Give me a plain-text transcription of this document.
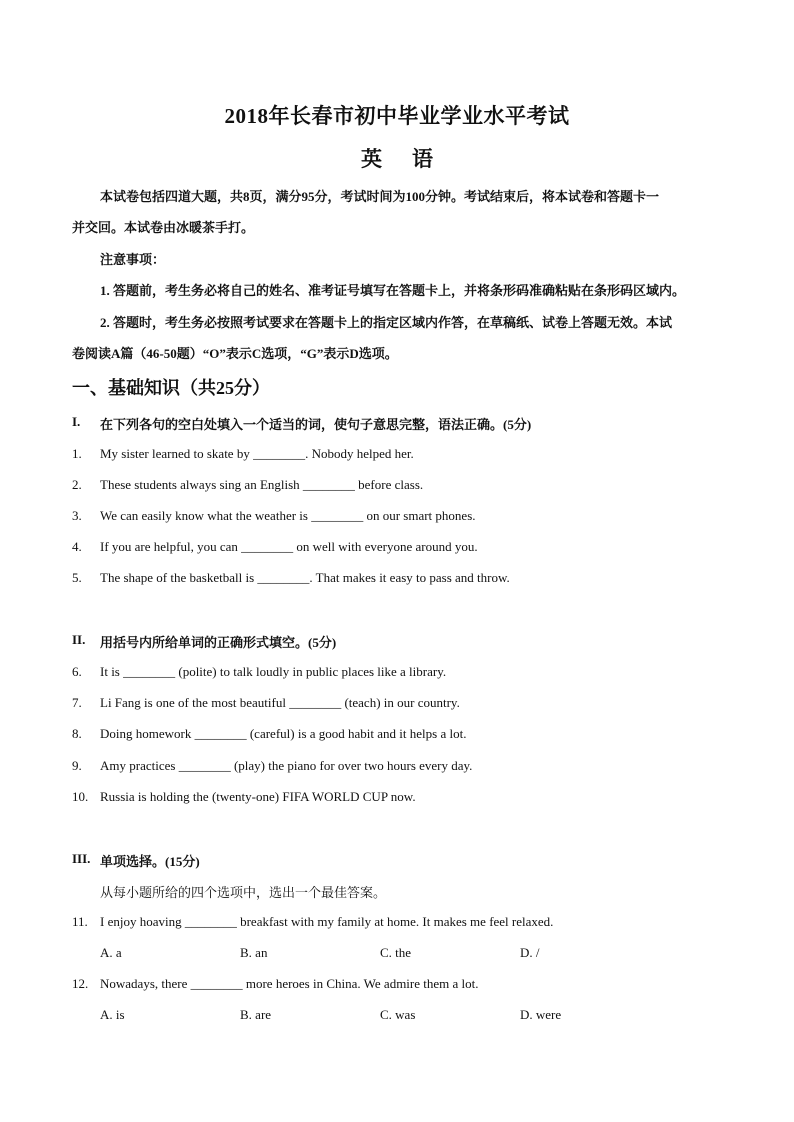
2018年长春市初中毕业学业水平考试
英语
本试卷包括四道大题，共8页，满分95分，考试时间为100分钟。考试结束后，将本试卷和答题卡一
并交回。本试卷由冰暖茶手打。
注意事项：
1. 答题前，考生务必将自己的姓名、准考证号填写在答题卡上，并将条形码准确粘贴在条形码区域内。
2. 答题时，考生务必按照考试要求在答题卡上的指定区域内作答，在草稿纸、试卷上答题无效。本试
卷阅读A篇（46-50题）“O”表示C选项，“G”表示D选项。
一、基础知识（共25分）
I. 在下列各句的空白处填入一个适当的词，使句子意思完整，语法正确。(5分)
1. My sister learned to skate by ________. Nobody helped her.
2. These students always sing an English ________ before class.
3. We can easily know what the weather is ________ on our smart phones.
4. If you are helpful, you can ________ on well with everyone around you.
5. The shape of the basketball is ________. That makes it easy to pass and throw.
II. 用括号内所给单词的正确形式填空。(5分)
6. It is ________ (polite) to talk loudly in public places like a library.
7. Li Fang is one of the most beautiful ________ (teach) in our country.
8. Doing homework ________ (careful) is a good habit and it helps a lot.
9. Amy practices ________ (play) the piano for over two hours every day.
10. Russia is holding the (twenty-one) FIFA WORLD CUP now.
III. 单项选择。(15分)
从每小题所给的四个选项中，选出一个最佳答案。
11. I enjoy hoaving ________ breakfast with my family at home. It makes me feel relaxed.
A. a	B. an	C. the	D. /
12. Nowadays, there ________ more heroes in China. We admire them a lot.
A. is	B. are	C. was	D. were
